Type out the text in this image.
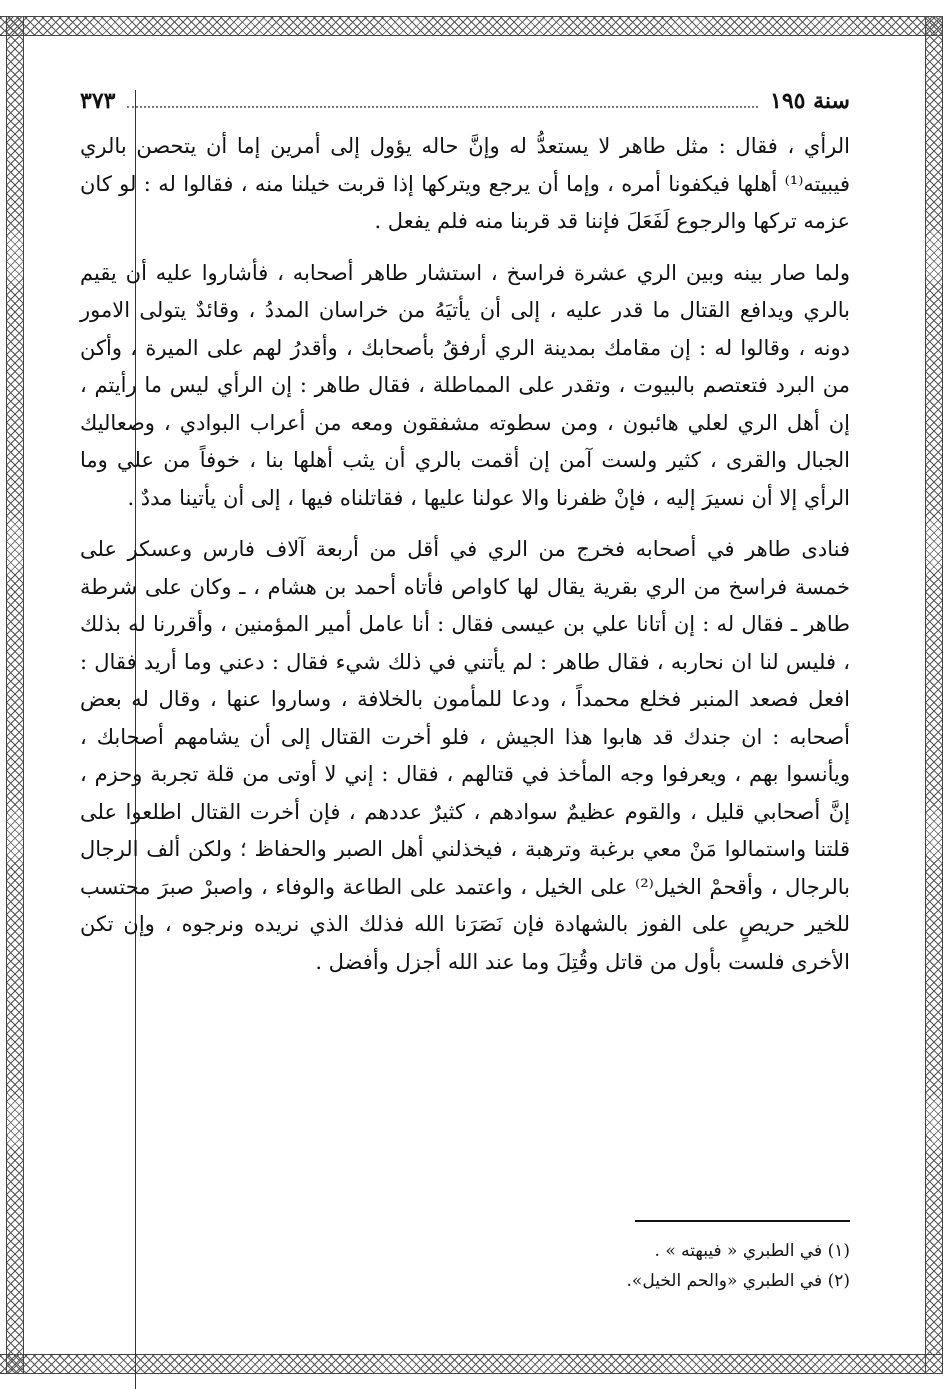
سنة ١٩٥
٣٧٣

الرأي ، فقال : مثل طاهر لا يستعدُّ له وإنَّ حاله يؤول إلى أمرين إما أن يتحصن بالري فيبيته⁽¹⁾ أهلها فيكفونا أمره ، وإما أن يرجع ويتركها إذا قربت خيلنا منه ، فقالوا له : لو كان عزمه تركها والرجوع لَفَعَلَ فإننا قد قربنا منه فلم يفعل .

ولما صار بينه وبين الري عشرة فراسخ ، استشار طاهر أصحابه ، فأشاروا عليه أن يقيم بالري ويدافع القتال ما قدر عليه ، إلى أن يأتيَهُ من خراسان المددُ ، وقائدٌ يتولى الامور دونه ، وقالوا له : إن مقامك بمدينة الري أرفقُ بأصحابك ، وأقدرُ لهم على الميرة ، وأكن من البرد فتعتصم بالبيوت ، وتقدر على المماطلة ، فقال طاهر : إن الرأي ليس ما رأيتم ، إن أهل الري لعلي هائبون ، ومن سطوته مشفقون ومعه من أعراب البوادي ، وصعاليك الجبال والقرى ، كثير ولست آمن إن أقمت بالري أن يثب أهلها بنا ، خوفاً من علي وما الرأي إلا أن نسيرَ إليه ، فإنْ ظفرنا والا عولنا عليها ، فقاتلناه فيها ، إلى أن يأتينا مددٌ .

فنادى طاهر في أصحابه فخرج من الري في أقل من أربعة آلاف فارس وعسكر على خمسة فراسخ من الري بقرية يقال لها كاواص فأتاه أحمد بن هشام ، ـ وكان على شرطة طاهر ـ فقال له : إن أتانا علي بن عيسى فقال : أنا عامل أمير المؤمنين ، وأقررنا له بذلك ، فليس لنا ان نحاربه ، فقال طاهر : لم يأتني في ذلك شيء فقال : دعني وما أريد فقال : افعل فصعد المنبر فخلع محمداً ، ودعا للمأمون بالخلافة ، وساروا عنها ، وقال له بعض أصحابه : ان جندك قد هابوا هذا الجيش ، فلو أخرت القتال إلى أن يشامهم أصحابك ، ويأنسوا بهم ، ويعرفوا وجه المأخذ في قتالهم ، فقال : إني لا أوتى من قلة تجربة وحزم ، إنَّ أصحابي قليل ، والقوم عظيمٌ سوادهم ، كثيرٌ عددهم ، فإن أخرت القتال اطلعوا على قلتنا واستمالوا مَنْ معي برغبة وترهبة ، فيخذلني أهل الصبر والحفاظ ؛ ولكن ألف الرجال بالرجال ، وأقحمْ الخيل⁽²⁾ على الخيل ، واعتمد على الطاعة والوفاء ، واصبرْ صبرَ محتسب للخير حريصٍ على الفوز بالشهادة فإن نَصَرَنا الله فذلك الذي نريده ونرجوه ، وإن تكن الأخرى فلست بأول من قاتل وقُتِلَ وما عند الله أجزل وأفضل .

(١) في الطبري « فيبهته » .
(٢) في الطبري «والحم الخيل».
